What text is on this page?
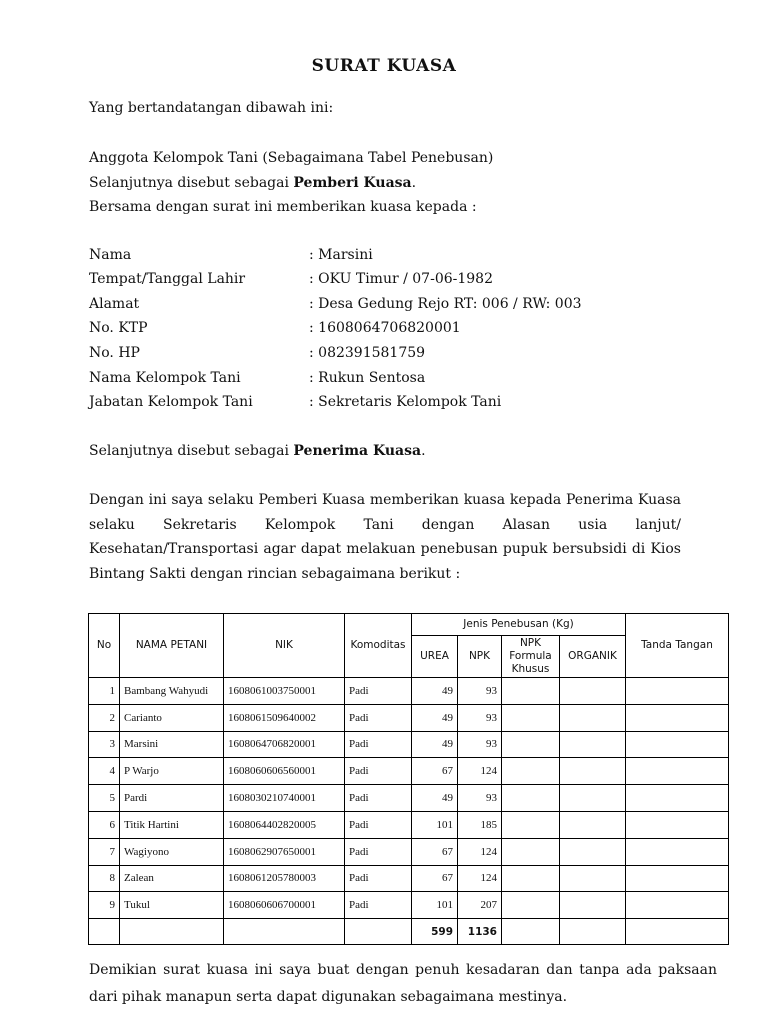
SURAT KUASA
Yang bertandatangan dibawah ini:
Anggota Kelompok Tani (Sebagaimana Tabel Penebusan)
Selanjutnya disebut sebagai Pemberi Kuasa.
Bersama dengan surat ini memberikan kuasa kepada :
Nama	: Marsini
Tempat/Tanggal Lahir	: OKU Timur / 07-06-1982
Alamat	: Desa Gedung Rejo RT: 006 / RW: 003
No. KTP	: 1608064706820001
No. HP	: 082391581759
Nama Kelompok Tani	: Rukun Sentosa
Jabatan Kelompok Tani	: Sekretaris Kelompok Tani
Selanjutnya disebut sebagai Penerima Kuasa.
Dengan ini saya selaku Pemberi Kuasa memberikan kuasa kepada Penerima Kuasa selaku Sekretaris Kelompok Tani dengan Alasan usia lanjut/ Kesehatan/Transportasi agar dapat melakuan penebusan pupuk bersubsidi di Kios Bintang Sakti dengan rincian sebagaimana berikut :
No	NAMA PETANI	NIK	Komoditas	Jenis Penebusan (Kg)				Tanda Tangan
				UREA	NPK	NPK Formula Khusus	ORGANIK	
1	Bambang Wahyudi	1608061003750001	Padi	49	93			
2	Carianto	1608061509640002	Padi	49	93			
3	Marsini	1608064706820001	Padi	49	93			
4	P Warjo	1608060606560001	Padi	67	124			
5	Pardi	1608030210740001	Padi	49	93			
6	Titik Hartini	1608064402820005	Padi	101	185			
7	Wagiyono	1608062907650001	Padi	67	124			
8	Zalean	1608061205780003	Padi	67	124			
9	Tukul	1608060606700001	Padi	101	207			
				599	1136			
Demikian surat kuasa ini saya buat dengan penuh kesadaran dan tanpa ada paksaan dari pihak manapun serta dapat digunakan sebagaimana mestinya.
